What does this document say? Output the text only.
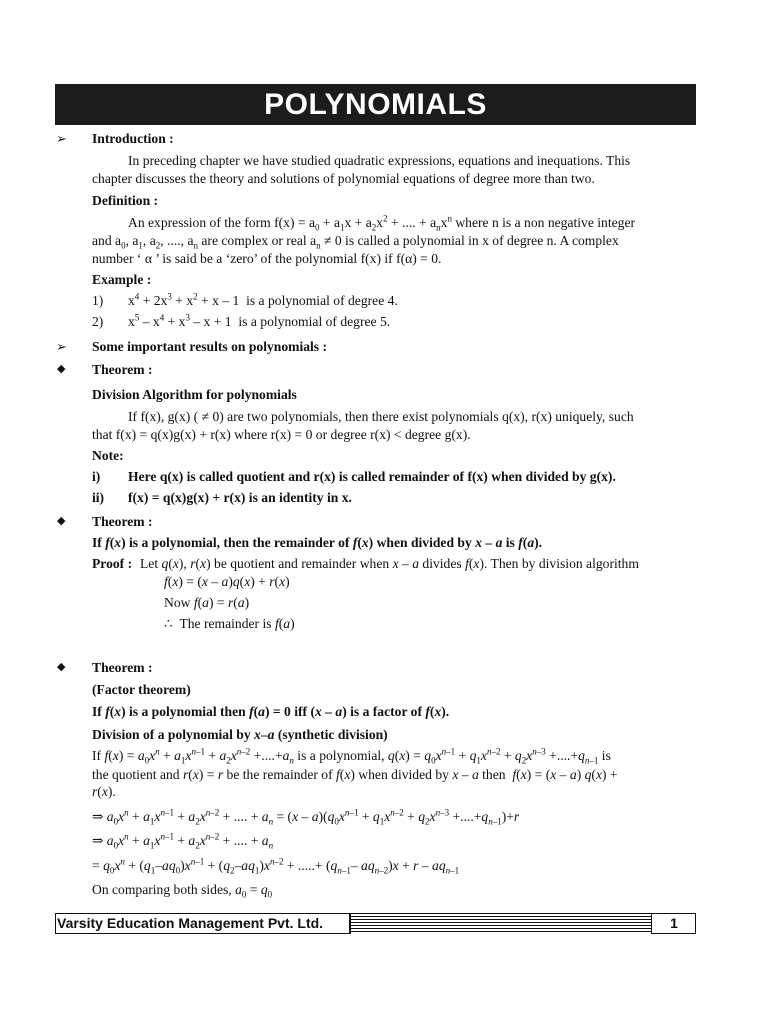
POLYNOMIALS
➢ Introduction :
In preceding chapter we have studied quadratic expressions, equations and inequations. This
chapter discusses the theory and solutions of polynomial equations of degree more than two.
Definition :
An expression of the form $f(x) = a_0 + a_1x + a_2x^2$ + .... + $a_nx^n$ where n is a non negative integer
and $a_0$, $a_1$, $a_2$, ...., $a_n$ are complex or real $a_n \ne 0$ is called a polynomial in x of degree n. A complex
number ‘ α ’ is said be a ‘zero’ of the polynomial f(x) if f(α) = 0.
Example :
1) $x^4 + 2x^3 + x^2 + x - 1$  is a polynomial of degree 4.
2) $x^5 - x^4 + x^3 - x + 1$  is a polynomial of degree 5.
➢ Some important results on polynomials :
◆ Theorem :
Division Algorithm for polynomials
If f(x), g(x) ( ≠ 0) are two polynomials, then there exist polynomials q(x), r(x) uniquely, such
that f(x) = q(x)g(x) + r(x) where r(x) = 0 or degree r(x) < degree g(x).
Note:
i) Here q(x) is called quotient and r(x) is called remainder of f(x) when divided by g(x).
ii) f(x) = q(x)g(x) + r(x) is an identity in x.
◆ Theorem :
If f(x) is a polynomial, then the remainder of f(x) when divided by x – a is f(a).
Proof : Let q(x), r(x) be quotient and remainder when x – a divides f(x). Then by division algorithm
f(x) = (x – a)q(x) + r(x)
Now f(a) = r(a)
∴  The remainder is f(a)
◆ Theorem :
(Factor theorem)
If f(x) is a polynomial then f(a) = 0 iff (x – a) is a factor of f(x).
Division of a polynomial by x–a (synthetic division)
If $f(x) = a_0x^n + a_1x^{n-1} + a_2x^{n-2} +....+a_n$ is a polynomial, $q(x) = q_0x^{n-1} + q_1x^{n-2} + q_2x^{n-3} +....+q_{n-1}$ is
the quotient and r(x) = r be the remainder of f(x) when divided by x – a then  f(x) = (x – a) q(x) +
r(x).
⇒ $a_0x^n + a_1x^{n-1} + a_2x^{n-2}$ + .... + $a_n = (x - a)(q_0x^{n-1} + q_1x^{n-2} + q_2x^{n-3} +....+q_{n-1})+r$
⇒ $a_0x^n + a_1x^{n-1} + a_2x^{n-2}$ + .... + $a_n$
= $q_0x^n + (q_1-aq_0)x^{n-1} + (q_2-aq_1)x^{n-2}$ + .....+ ($q_{n-1}-$ $aq_{n-2})x + r - aq_{n-1}$
On comparing both sides, $a_0 = q_0$
Varsity Education Management Pvt. Ltd.	1
